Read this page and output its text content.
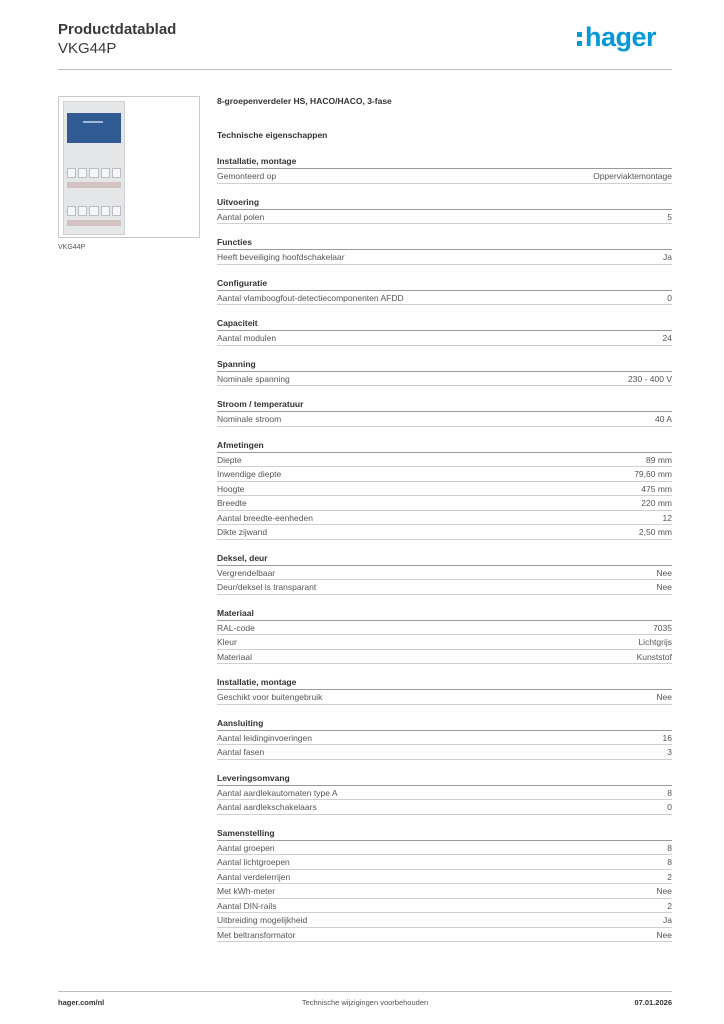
Productdatablad
VKG44P	hager
VKG44P
8-groepenverdeler HS, HACO/HACO, 3-fase
Technische eigenschappen
Installatie, montage
Gemonteerd op	Opperviaktemontage
Uitvoering
Aantal polen	5
Functies
Heeft beveiliging hoofdschakelaar	Ja
Configuratie
Aantal vlamboogfout-detectiecomponenten AFDD	0
Capaciteit
Aantal modulen	24
Spanning
Nominale spanning	230 - 400 V
Stroom / temperatuur
Nominale stroom	40 A
Afmetingen
Diepte	89 mm
Inwendige diepte	79,60 mm
Hoogte	475 mm
Breedte	220 mm
Aantal breedte-eenheden	12
Dikte zijwand	2,50 mm
Deksel, deur
Vergrendelbaar	Nee
Deur/deksel is transparant	Nee
Materiaal
RAL-code	7035
Kleur	Lichtgrijs
Materiaal	Kunststof
Installatie, montage
Geschikt voor buitengebruik	Nee
Aansluiting
Aantal leidinginvoeringen	16
Aantal fasen	3
Leveringsomvang
Aantal aardlekautomaten type A	8
Aantal aardlekschakelaars	0
Samenstelling
Aantal groepen	8
Aantal lichtgroepen	8
Aantal verdelerrijen	2
Met kWh-meter	Nee
Aantal DIN-rails	2
Uitbreiding mogelijkheid	Ja
Met beltransformator	Nee
hager.com/nl	Technische wijzigingen voorbehouden	07.01.2026
